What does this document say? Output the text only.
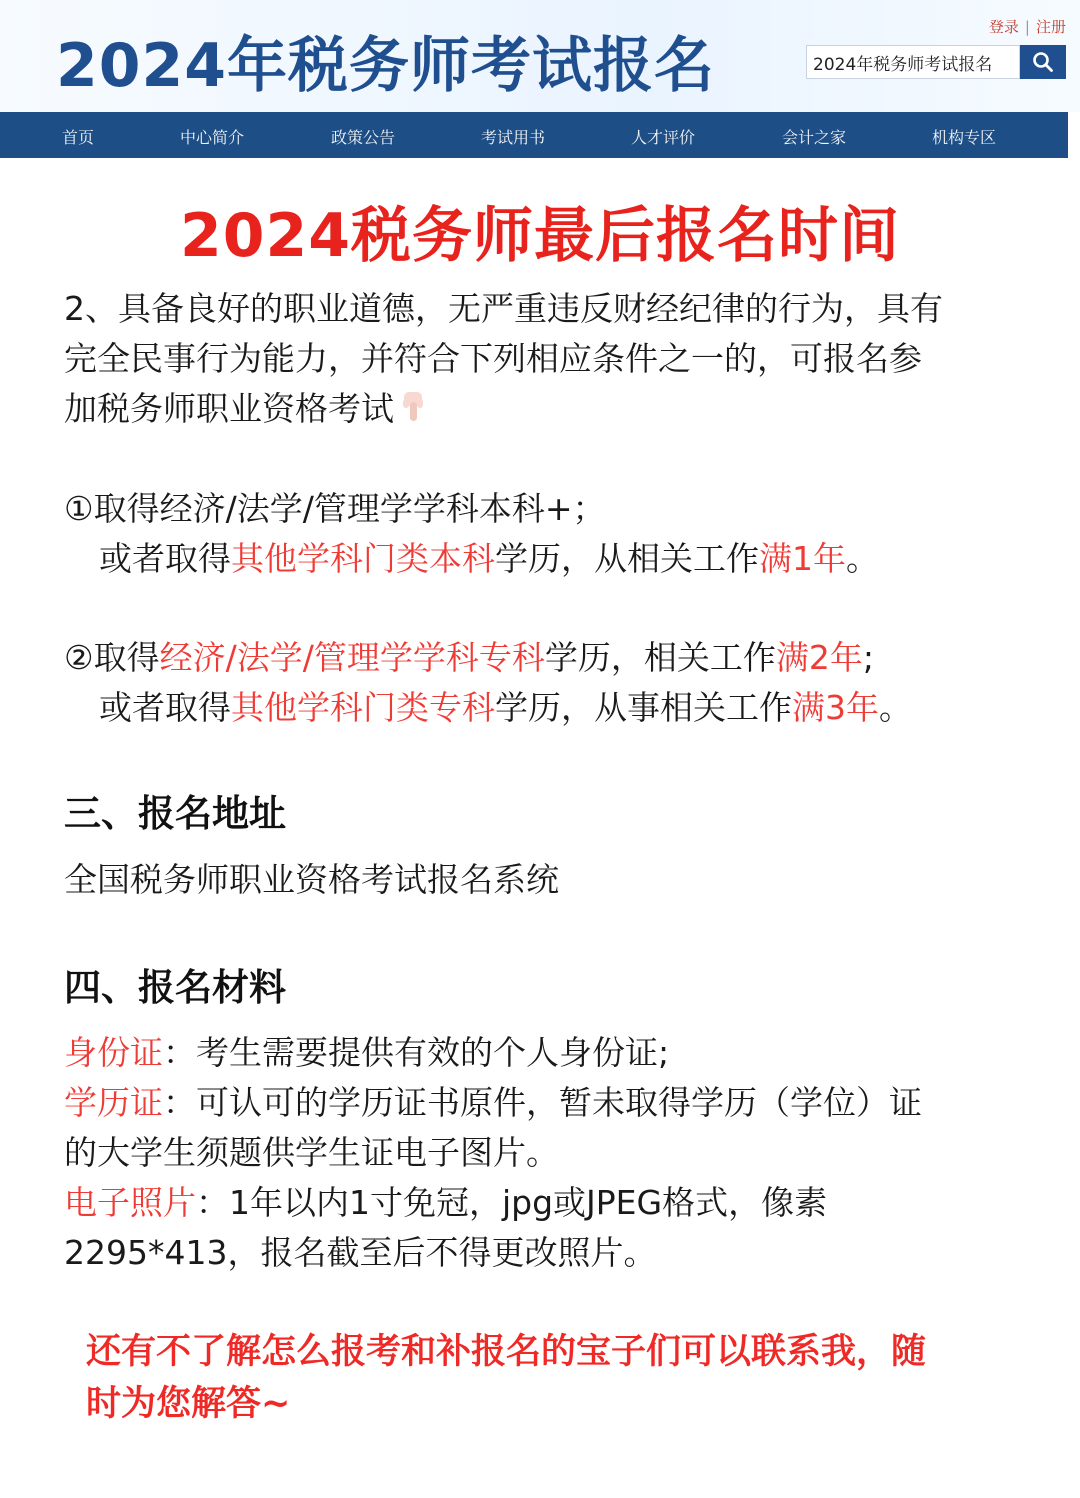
2024年税务师考试报名
登录 | 注册
2024年税务师考试报名
首页	中心简介	政策公告	考试用书	人才评价	会计之家	机构专区
2024税务师最后报名时间
2、具备良好的职业道德，无严重违反财经纪律的行为，具有
完全民事行为能力，并符合下列相应条件之一的，可报名参
加税务师职业资格考试
①取得经济/法学/管理学学科本科+；
或者取得其他学科门类本科学历，从相关工作满1年。
②取得经济/法学/管理学学科专科学历，相关工作满2年;
或者取得其他学科门类专科学历，从事相关工作满3年。
三、报名地址
全国税务师职业资格考试报名系统
四、报名材料
身份证：考生需要提供有效的个人身份证;
学历证：可认可的学历证书原件，暂未取得学历（学位）证
的大学生须题供学生证电子图片。
电子照片：1年以内1寸免冠，jpg或JPEG格式，像素
2295*413，报名截至后不得更改照片。
还有不了解怎么报考和补报名的宝子们可以联系我，随
时为您解答~
